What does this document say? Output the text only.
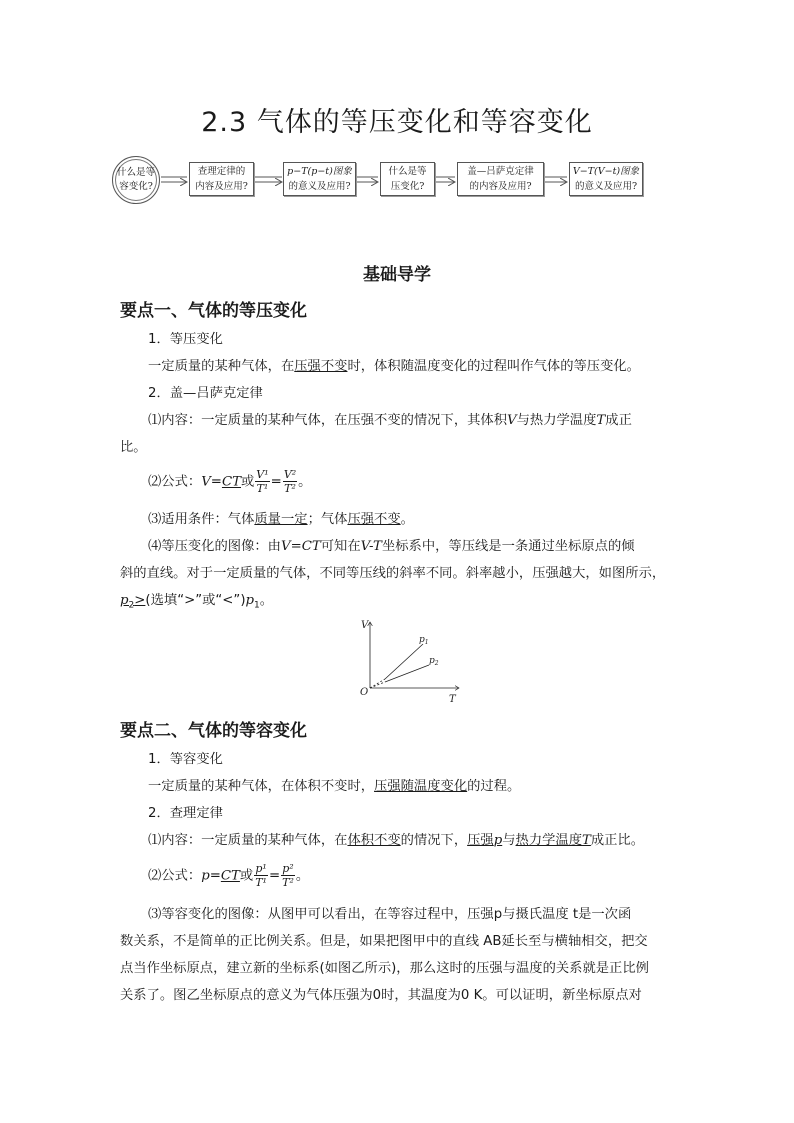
2.3 气体的等压变化和等容变化
什么是等
容变化?
查理定律的
内容及应用?
p−T(p−t)图象
的意义及应用?
什么是等
压变化?
盖—吕萨克定律
的内容及应用?
V−T(V−t)图象
的意义及应用?
基础导学
要点一、气体的等压变化
1．等压变化
一定质量的某种气体，在压强不变时，体积随温度变化的过程叫作气体的等压变化。
2．盖—吕萨克定律
⑴内容：一定质量的某种气体，在压强不变的情况下，其体积V与热力学温度T成正
比。
⑵公式：V=CT或 $\frac{\text{V¹}}{\text{T¹}} = \frac{\text{V²}}{\text{T²}}$ 。
⑶适用条件：气体质量一定；气体压强不变。
⑷等压变化的图像：由V=CT可知在V-T坐标系中，等压线是一条通过坐标原点的倾
斜的直线。对于一定质量的气体，不同等压线的斜率不同。斜率越小，压强越大，如图所示，
$p_2>$(选填“>”或“$<”)p_1$。
V
T
O
$p_1$
$p_2$
要点二、气体的等容变化
1．等容变化
一定质量的某种气体，在体积不变时，压强随温度变化的过程。
2．查理定律
⑴内容：一定质量的某种气体，在体积不变的情况下，压强p与热力学温度T成正比。
⑵公式：p=CT或 $\frac{\text{p¹}}{\text{T¹}} = \frac{\text{p²}}{\text{T²}}$ 。
⑶等容变化的图像：从图甲可以看出，在等容过程中，压强p与摄氏温度 t是一次函
数关系，不是简单的正比例关系。但是，如果把图甲中的直线 AB延长至与横轴相交，把交
点当作坐标原点，建立新的坐标系(如图乙所示)，那么这时的压强与温度的关系就是正比例
关系了。图乙坐标原点的意义为气体压强为0时，其温度为0 K。可以证明，新坐标原点对
